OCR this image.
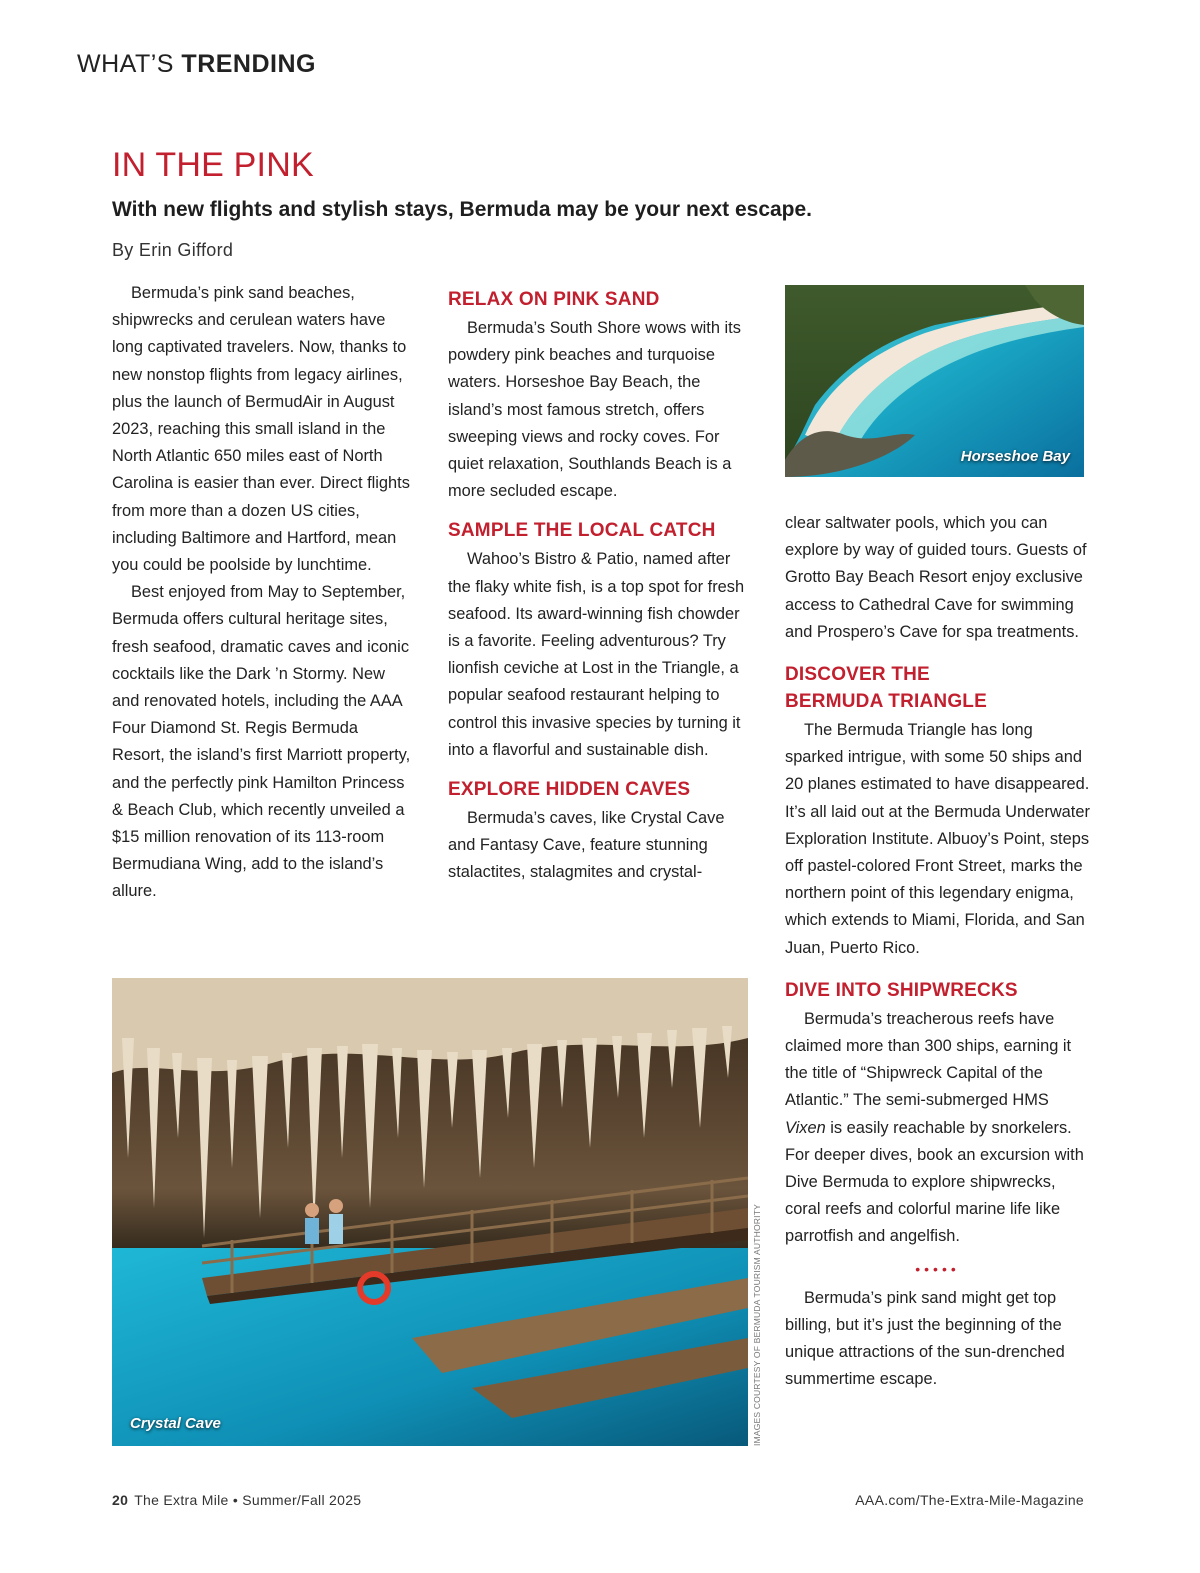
WHAT’S TRENDING
IN THE PINK
With new flights and stylish stays, Bermuda may be your next escape.
By Erin Gifford

Bermuda’s pink sand beaches, shipwrecks and cerulean waters have long captivated travelers. Now, thanks to new nonstop flights from legacy airlines, plus the launch of BermudAir in August 2023, reaching this small island in the North Atlantic 650 miles east of North Carolina is easier than ever. Direct flights from more than a dozen US cities, including Baltimore and Hartford, mean you could be poolside by lunchtime.

Best enjoyed from May to September, Bermuda offers cultural heritage sites, fresh seafood, dramatic caves and iconic cocktails like the Dark ’n Stormy. New and renovated hotels, including the AAA Four Diamond St. Regis Bermuda Resort, the island’s first Marriott property, and the perfectly pink Hamilton Princess & Beach Club, which recently unveiled a $15 million renovation of its 113-room Bermudiana Wing, add to the island’s allure.

RELAX ON PINK SAND

Bermuda’s South Shore wows with its powdery pink beaches and turquoise waters. Horseshoe Bay Beach, the island’s most famous stretch, offers sweeping views and rocky coves. For quiet relaxation, Southlands Beach is a more secluded escape.

SAMPLE THE LOCAL CATCH

Wahoo’s Bistro & Patio, named after the flaky white fish, is a top spot for fresh seafood. Its award-winning fish chowder is a favorite. Feeling adventurous? Try lionfish ceviche at Lost in the Triangle, a popular seafood restaurant helping to control this invasive species by turning it into a flavorful and sustainable dish.

EXPLORE HIDDEN CAVES

Bermuda’s caves, like Crystal Cave and Fantasy Cave, feature stunning stalactites, stalagmites and crystal-

Horseshoe Bay

clear saltwater pools, which you can explore by way of guided tours. Guests of Grotto Bay Beach Resort enjoy exclusive access to Cathedral Cave for swimming and Prospero’s Cave for spa treatments.

DISCOVER THE
BERMUDA TRIANGLE

The Bermuda Triangle has long sparked intrigue, with some 50 ships and 20 planes estimated to have disappeared. It’s all laid out at the Bermuda Underwater Exploration Institute. Albuoy’s Point, steps off pastel-colored Front Street, marks the northern point of this legendary enigma, which extends to Miami, Florida, and San Juan, Puerto Rico.

DIVE INTO SHIPWRECKS

Bermuda’s treacherous reefs have claimed more than 300 ships, earning it the title of “Shipwreck Capital of the Atlantic.” The semi-submerged HMS Vixen is easily reachable by snorkelers. For deeper dives, book an excursion with Dive Bermuda to explore shipwrecks, coral reefs and colorful marine life like parrotfish and angelfish.

•••••

Bermuda’s pink sand might get top billing, but it’s just the beginning of the unique attractions of the sun-drenched summertime escape.

Crystal Cave	IMAGES COURTESY OF BERMUDA TOURISM AUTHORITY
20 The Extra Mile • Summer/Fall 2025	AAA.com/The-Extra-Mile-Magazine
